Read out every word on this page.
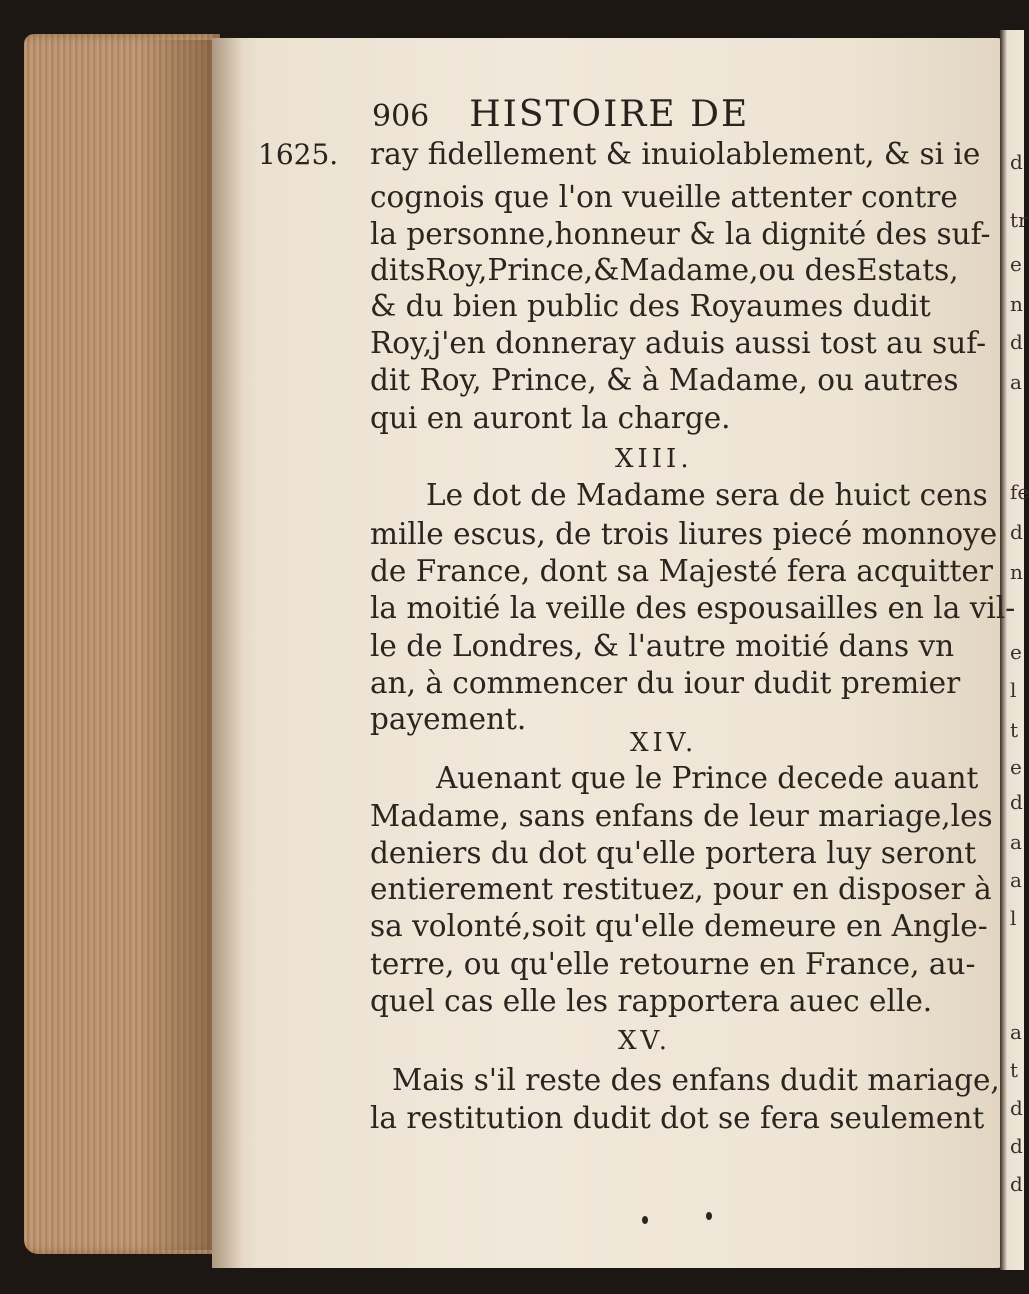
d
tr
e
n
d
a
fe
d
n
e
l
t
e
d
a
a
l
a
t
d
d
d
906 HISTOIRE DE
1625. ray fidellement & inuiolablement, & si ie
cognois que l'on vueille attenter contre
la personne,honneur & la dignité des suf-
ditsRoy,Prince,&Madame,ou desEstats,
& du bien public des Royaumes dudit
Roy,j'en donneray aduis aussi tost au suf-
dit Roy, Prince, & à Madame, ou autres
qui en auront la charge.
XIII.
Le dot de Madame sera de huict cens
mille escus, de trois liures piecé monnoye
de France, dont sa Majesté fera acquitter
la moitié la veille des espousailles en la vil-
le de Londres, & l'autre moitié dans vn
an, à commencer du iour dudit premier
payement.
XIV.
Auenant que le Prince decede auant
Madame, sans enfans de leur mariage,les
deniers du dot qu'elle portera luy seront
entierement restituez, pour en disposer à
sa volonté,soit qu'elle demeure en Angle-
terre, ou qu'elle retourne en France, au-
quel cas elle les rapportera auec elle.
XV.
Mais s'il reste des enfans dudit mariage,
la restitution dudit dot se fera seulement
